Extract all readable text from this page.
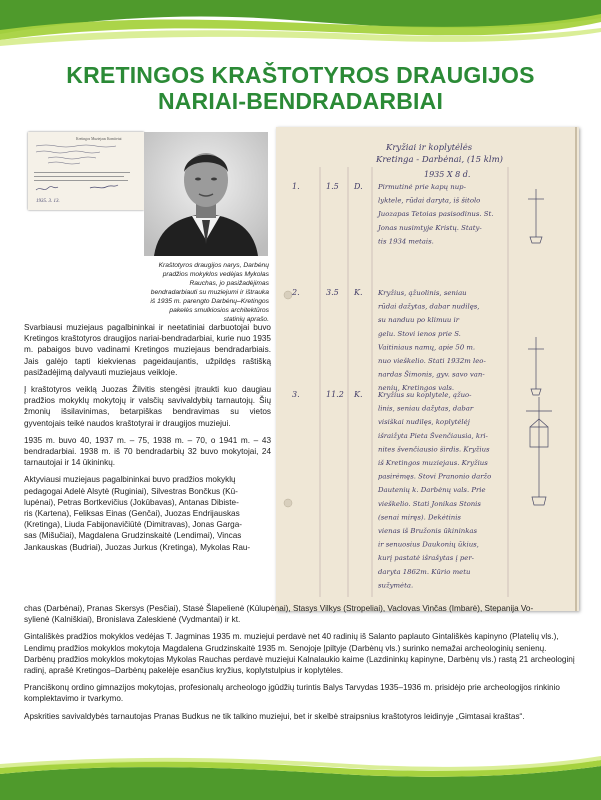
KRETINGOS KRAŠTOTYROS DRAUGIJOS
NARIAI-BENDRADARBIAI
Kretingos Muziejaus Komitetui
1935. 3. 13.
Kraštotyros draugijos narys, Darbėnų pradžios mokyklos vedėjas Mykolas Rauchas, jo pasižadėjimas bendradarbiauti su muziejumi ir ištrauka iš 1935 m. parengto Darbėnų–Kretingos pakelės smulkiosios architektūros statinių aprašo.
Kryžiai ir koplytėlės
Kretinga - Darbėnai, (15 klm)
1935 X 8 d.
1.	1.5 D. Pirmutinė prie kapų nup-
lyktele, rūdai daryta, iš šitolo
Juozapas Tetoias pasisodinus. St.
Jonas nusimtyje Kristų. Staty-
tis 1934 metais.
2.	3.5 K. Kryžius, ąžuolinis, seniau
rūdai dažytas, dabar nudilęs,
su nanduu po klimuu ir
gelu. Stovi ienos prie S.
Vaitiniaus namų, apie 50 m.
nuo vieškelio. Stati 1932m leo-
nardas Šimonis, gyv. savo van-
nenių, Kretingos vals.
3.	11.2 K. Kryžius su koplytele, ąžuo-
linis, seniau dažytas, dabar
visiškai nudilęs, koplytėlėj
išraižyta Pieta Švenčiausia, kri-
nites švenčiausio širdis. Kryžius
iš Kretingos muziejaus. Kryžius
pasirėmęs. Stovi Pranonio daržo
Dautenių k. Darbėnų vals. Prie
vieškelio. Stati Jonikas Stonis
(senai miręs). Dekėtinis
vienas iš Bružonis ūkininkas
ir senuosius Daukonių ūkius,
kurį pastatė išrašytas į per-
daryta 1862m. Kūrio metu
sužymėta.

Svarbiausi muziejaus pagalbininkai ir neetatiniai darbuotojai buvo Kretingos kraštotyros draugijos nariai-bendradarbiai, kurie nuo 1935 m. pabaigos buvo vadinami Kretingos muziejaus bendradarbiais. Jais galėjo tapti kiekvienas pageidaujantis, užpildęs raštišką pasižadėjimą dalyvauti muziejaus veikloje.

Į kraštotyros veiklą Juozas Žilvitis stengėsi įtraukti kuo daugiau pradžios mokyklų mokytojų ir valsčių savivaldybių tarnautojų. Šių žmonių išsilavinimas, betarpiškas bendravimas su vietos gyventojais teikė naudos kraštotyrai ir draugijos muziejui.

1935 m. buvo 40, 1937 m. – 75, 1938 m. – 70, o 1941 m. – 43 bendradarbiai. 1938 m. iš 70 bendradarbių 32 buvo mokytojai, 24 tarnautojai ir 14 ūkininkų.

Aktyviausi muziejaus pagalbininkai buvo pradžios mokyklų
pedagogai Adelė Alsytė (Ruginiai), Silvestras Bončkus (Kū-
lupėnai), Petras Bortkevičius (Jokūbavas), Antanas Dibiste-
ris (Kartena), Feliksas Einas (Genčai), Juozas Endrijauskas
(Kretinga), Liuda Fabijonavičiūtė (Dimitravas), Jonas Garga-
sas (Mišučiai), Magdalena Grudzinskaitė (Lendimai), Vincas
Jankauskas (Budriai), Juozas Jurkus (Kretinga), Mykolas Rau-

chas (Darbėnai), Pranas Skersys (Pesčiai), Stasė Šlapelienė (Kūlupėnai), Stasys Vilkys (Stropeliai), Vaclovas Vinčas (Imbarė), Stepanija Vo-
sylienė (Kalniškiai), Bronislava Zaleskienė (Vydmantai) ir kt.

Gintališkės pradžios mokyklos vedėjas T. Jagminas 1935 m. muziejui perdavė net 40 radinių iš Salanto paplauto Gintališkės kapinyno (Platelių vls.), Lendimų pradžios mokyklos mokytoja Magdalena Grudzinskaitė 1935 m. Senojoje Įpiltyje (Darbėnų vls.) surinko nemažai archeologinių senienų. Darbėnų pradžios mokyklos mokytojas Mykolas Rauchas perdavė muziejui Kalnalaukio kaime (Lazdininkų kapinyne, Darbėnų vls.) rastą 21 archeologinį radinį, aprašė Kretingos–Darbėnų pakelėje esančius kryžius, koplytstulpius ir koplytėles.

Pranciškonų ordino gimnazijos mokytojas, profesionalų archeologo įgūdžių turintis Balys Tarvydas 1935–1936 m. prisidėjo prie archeologijos rinkinio komplektavimo ir tvarkymo.

Apskrities savivaldybės tarnautojas Pranas Budkus ne tik talkino muziejui, bet ir skelbė straipsnius kraštotyros leidinyje „Gimtasai kraštas“.
